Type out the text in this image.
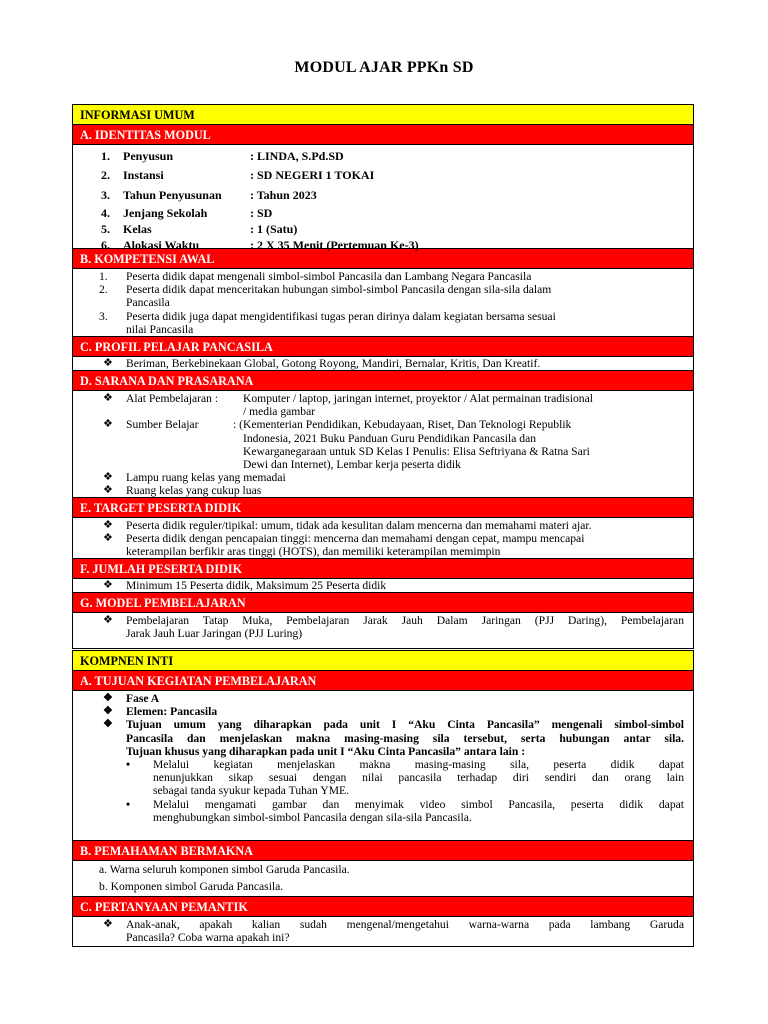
MODUL AJAR PPKn SD
INFORMASI UMUM
A. IDENTITAS MODUL
1. Penyusun	: LINDA, S.Pd.SD
2. Instansi	: SD NEGERI 1 TOKAI
3. Tahun Penyusunan : Tahun 2023
4. Jenjang Sekolah	: SD
5. Kelas	: 1 (Satu)
6. Alokasi Waktu	: 2 X 35 Menit (Pertemuan Ke-3)
B. KOMPETENSI AWAL
1. Peserta didik dapat mengenali simbol-simbol Pancasila dan Lambang Negara Pancasila
2. Peserta didik dapat menceritakan hubungan simbol-simbol Pancasila dengan sila-sila dalam
Pancasila
3. Peserta didik juga dapat mengidentifikasi tugas peran dirinya dalam kegiatan bersama sesuai
nilai Pancasila
C. PROFIL PELAJAR PANCASILA
❖ Beriman, Berkebinekaan Global, Gotong Royong, Mandiri, Bernalar, Kritis, Dan Kreatif.
D. SARANA DAN PRASARANA
❖ Alat Pembelajaran : Komputer / laptop, jaringan internet, proyektor / Alat permainan tradisional
/ media gambar
❖ Sumber Belajar	: (Kementerian Pendidikan, Kebudayaan, Riset, Dan Teknologi Republik
Indonesia, 2021 Buku Panduan Guru Pendidikan Pancasila dan
Kewarganegaraan untuk SD Kelas I Penulis: Elisa Seftriyana & Ratna Sari
Dewi dan Internet), Lembar kerja peserta didik
❖ Lampu ruang kelas yang memadai
❖ Ruang kelas yang cukup luas
E. TARGET PESERTA DIDIK
❖ Peserta didik reguler/tipikal: umum, tidak ada kesulitan dalam mencerna dan memahami materi ajar.
❖ Peserta didik dengan pencapaian tinggi: mencerna dan memahami dengan cepat, mampu mencapai
keterampilan berfikir aras tinggi (HOTS), dan memiliki keterampilan memimpin
F. JUMLAH PESERTA DIDIK
❖ Minimum 15 Peserta didik, Maksimum 25 Peserta didik
G. MODEL PEMBELAJARAN
❖ Pembelajaran Tatap Muka, Pembelajaran Jarak Jauh Dalam Jaringan (PJJ Daring), Pembelajaran
Jarak Jauh Luar Jaringan (PJJ Luring)
KOMPNEN INTI
A. TUJUAN KEGIATAN PEMBELAJARAN
❖ Fase A
❖ Elemen: Pancasila
❖ Tujuan umum yang diharapkan pada unit I “Aku Cinta Pancasila” mengenali simbol-simbol
Pancasila dan menjelaskan makna masing-masing sila tersebut, serta hubungan antar sila.
Tujuan khusus yang diharapkan pada unit I “Aku Cinta Pancasila” antara lain :
• Melalui kegiatan menjelaskan makna masing-masing sila, peserta didik dapat
nenunjukkan sikap sesuai dengan nilai pancasila terhadap diri sendiri dan orang lain
sebagai tanda syukur kepada Tuhan YME.
• Melalui mengamati gambar dan menyimak video simbol Pancasila, peserta didik dapat
menghubungkan simbol-simbol Pancasila dengan sila-sila Pancasila.
B. PEMAHAMAN BERMAKNA
a. Warna seluruh komponen simbol Garuda Pancasila.
b. Komponen simbol Garuda Pancasila.
C. PERTANYAAN PEMANTIK
❖ Anak-anak, apakah kalian sudah mengenal/mengetahui warna-warna pada lambang Garuda
Pancasila? Coba warna apakah ini?
